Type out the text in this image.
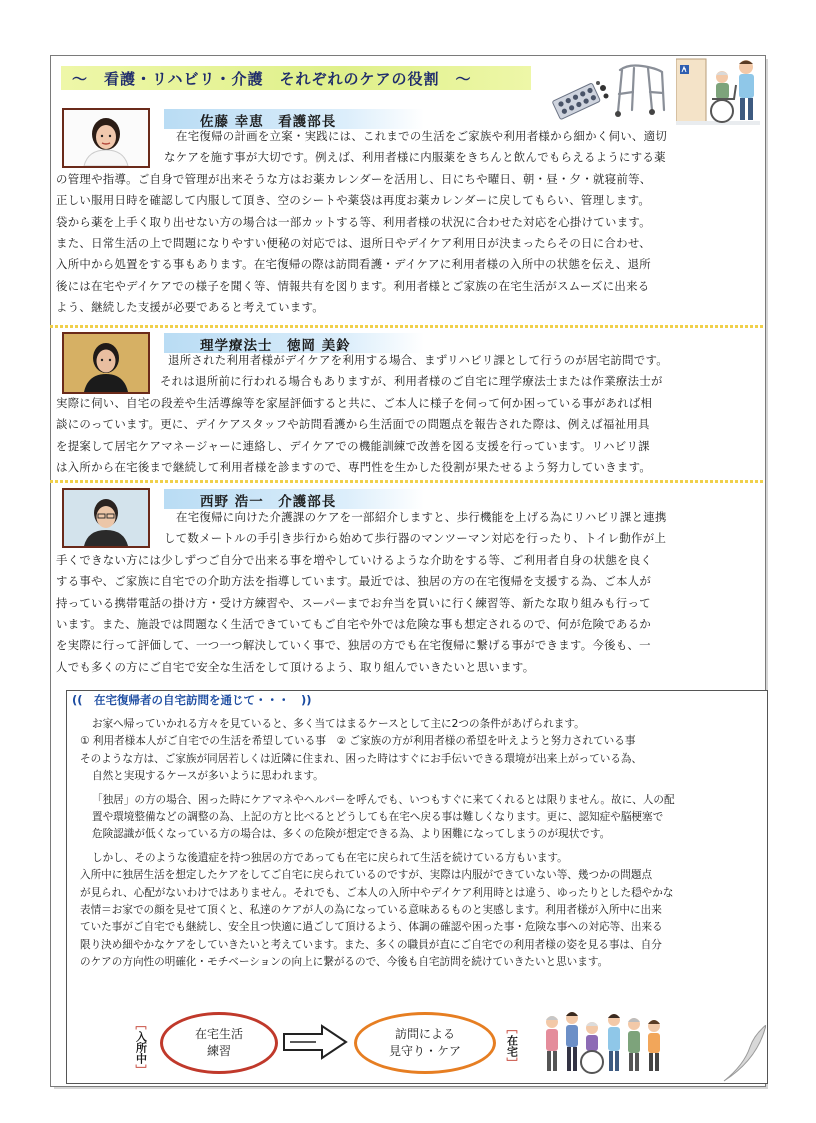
～　看護・リハビリ・介護　それぞれのケアの役割　～
佐藤 幸恵　看護部長

在宅復帰の計画を立案・実践には、これまでの生活をご家族や利用者様から細かく伺い、適切

なケアを施す事が大切です。例えば、利用者様に内服薬をきちんと飲んでもらえるようにする薬

の管理や指導。ご自身で管理が出来そうな方はお薬カレンダーを活用し、日にちや曜日、朝・昼・夕・就寝前等、

正しい服用日時を確認して内服して頂き、空のシートや薬袋は再度お薬カレンダーに戻してもらい、管理します。

袋から薬を上手く取り出せない方の場合は一部カットする等、利用者様の状況に合わせた対応を心掛けています。

また、日常生活の上で問題になりやすい便秘の対応では、退所日やデイケア利用日が決まったらその日に合わせ、

入所中から処置をする事もあります。在宅復帰の際は訪問看護・デイケアに利用者様の入所中の状態を伝え、退所

後には在宅やデイケアでの様子を聞く等、情報共有を図ります。利用者様とご家族の在宅生活がスムーズに出来る

よう、継続した支援が必要であると考えています。

理学療法士　徳岡 美鈴

退所された利用者様がデイケアを利用する場合、まずリハビリ課として行うのが居宅訪問です。

それは退所前に行われる場合もありますが、利用者様のご自宅に理学療法士または作業療法士が

実際に伺い、自宅の段差や生活導線等を家屋評価すると共に、ご本人に様子を伺って何か困っている事があれば相

談にのっています。更に、デイケアスタッフや訪問看護から生活面での問題点を報告された際は、例えば福祉用具

を提案して居宅ケアマネージャーに連絡し、デイケアでの機能訓練で改善を図る支援を行っています。リハビリ課

は入所から在宅後まで継続して利用者様を診ますので、専門性を生かした役割が果たせるよう努力していきます。

西野 浩一　介護部長

在宅復帰に向けた介護課のケアを一部紹介しますと、歩行機能を上げる為にリハビリ課と連携

して数メートルの手引き歩行から始めて歩行器のマンツーマン対応を行ったり、トイレ動作が上

手くできない方には少しずつご自分で出来る事を増やしていけるような介助をする等、ご利用者自身の状態を良く

する事や、ご家族に自宅での介助方法を指導しています。最近では、独居の方の在宅復帰を支援する為、ご本人が

持っている携帯電話の掛け方・受け方練習や、スーパーまでお弁当を買いに行く練習等、新たな取り組みも行って

います。また、施設では問題なく生活できていてもご自宅や外では危険な事も想定されるので、何が危険であるか

を実際に行って評価して、一つ一つ解決していく事で、独居の方でも在宅復帰に繋げる事ができます。今後も、一

人でも多くの方にご自宅で安全な生活をして頂けるよう、取り組んでいきたいと思います。

((　在宅復帰者の自宅訪問を通じて・・・　))

お家へ帰っていかれる方々を見ていると、多く当てはまるケースとして主に2つの条件があげられます。

① 利用者様本人がご自宅での生活を希望している事　② ご家族の方が利用者様の希望を叶えようと努力されている事

そのような方は、ご家族が同居若しくは近隣に住まれ、困った時はすぐにお手伝いできる環境が出来上がっている為、

自然と実現するケースが多いように思われます。

「独居」の方の場合、困った時にケアマネやヘルパーを呼んでも、いつもすぐに来てくれるとは限りません。故に、人の配

置や環境整備などの調整の為、上記の方と比べるとどうしても在宅へ戻る事は難しくなります。更に、認知症や脳梗塞で

危険認識が低くなっている方の場合は、多くの危険が想定できる為、より困難になってしまうのが現状です。

しかし、そのような後遺症を持つ独居の方であっても在宅に戻られて生活を続けている方もいます。

入所中に独居生活を想定したケアをしてご自宅に戻られているのですが、実際は内服ができていない等、幾つかの問題点

が見られ、心配がないわけではありません。それでも、ご本人の入所中やデイケア利用時とは違う、ゆったりとした穏やかな

表情＝お家での顔を見せて頂くと、私達のケアが人の為になっている意味あるものと実感します。利用者様が入所中に出来

ていた事がご自宅でも継続し、安全且つ快適に過ごして頂けるよう、体調の確認や困った事・危険な事への対応等、出来る

限り決め細やかなケアをしていきたいと考えています。また、多くの職員が直にご自宅での利用者様の姿を見る事は、自分

のケアの方向性の明確化・モチベーションの向上に繋がるので、今後も自宅訪問を続けていきたいと思います。

﹇
入所中
﹈
在宅生活
練習
訪問による
見守り・ケア
﹇
在宅
﹈
